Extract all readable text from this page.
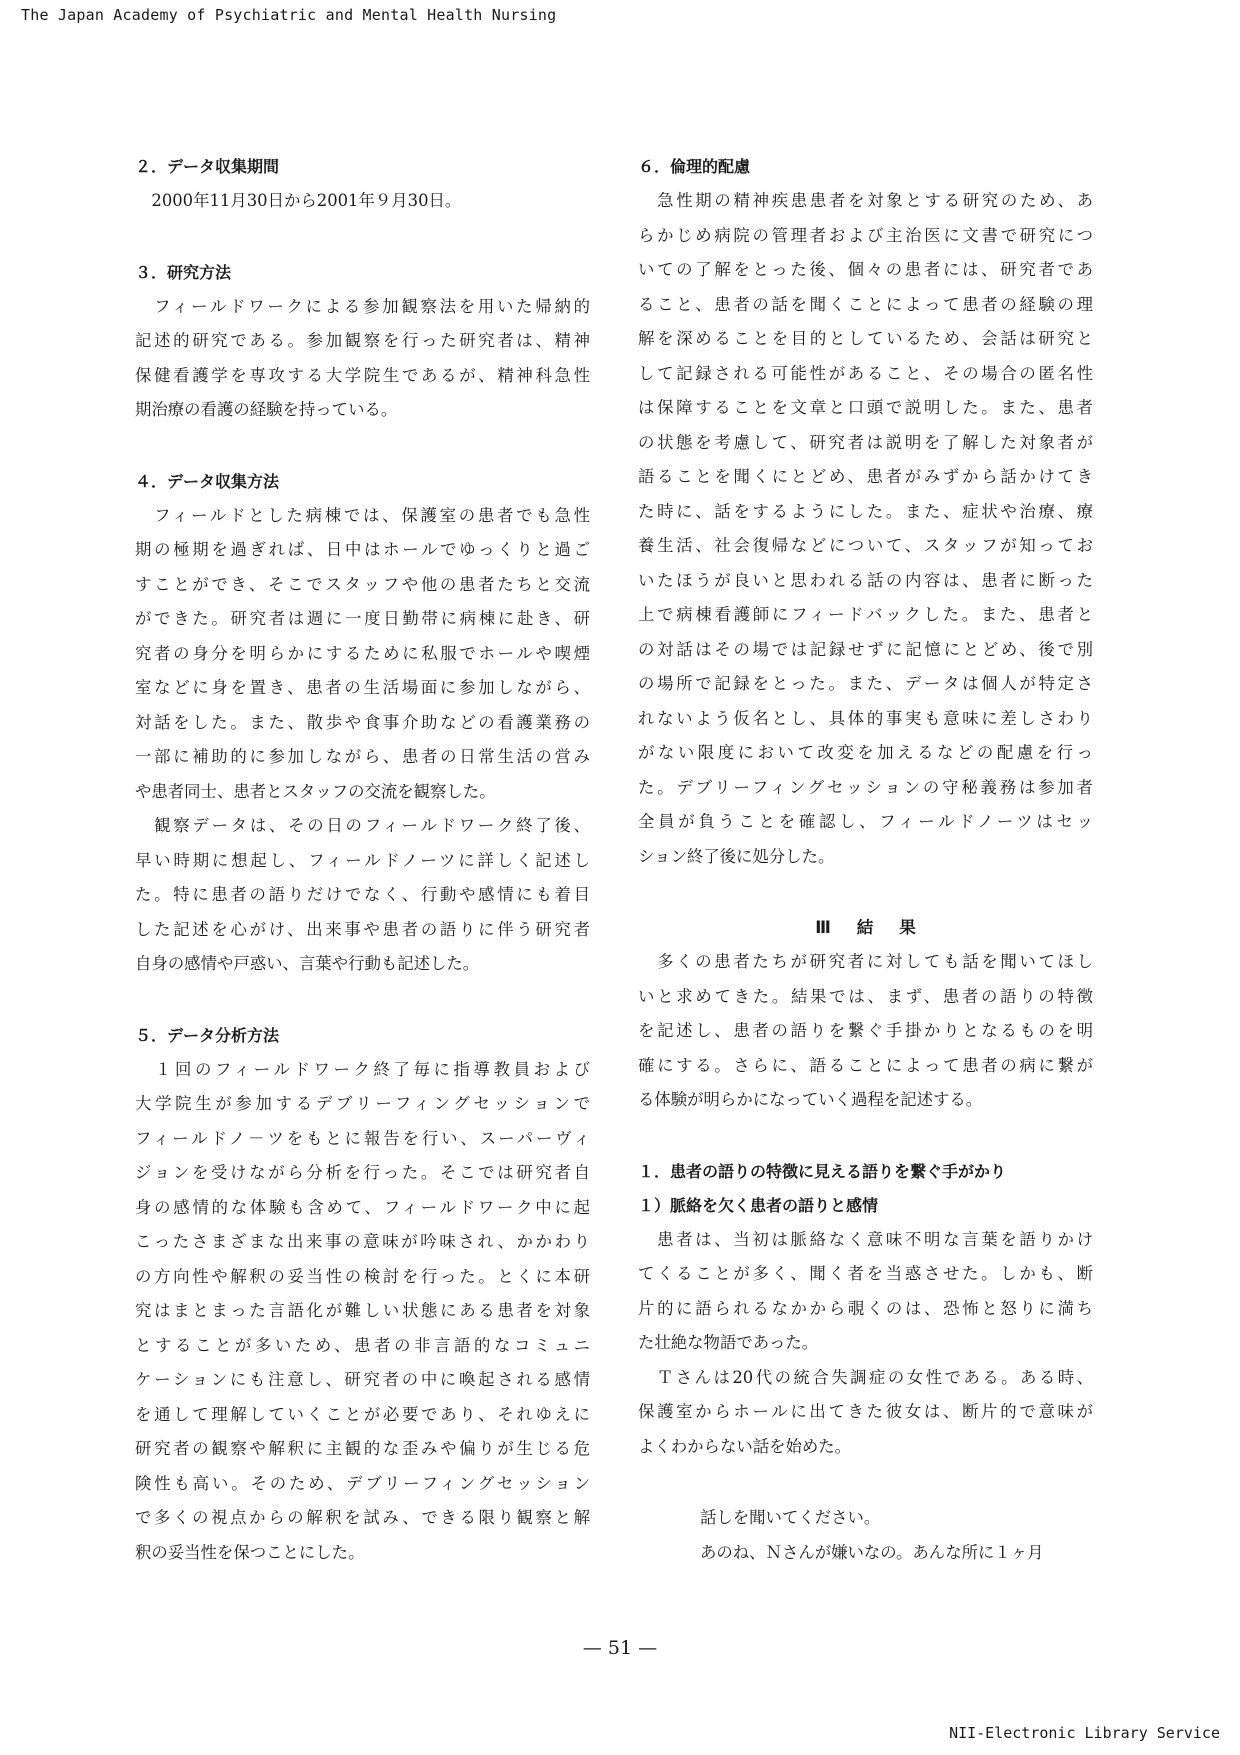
The Japan Academy of Psychiatric and Mental Health Nursing
２．データ収集期間
　2000年11月30日から2001年９月30日。
３．研究方法
　フィールドワークによる参加観察法を用いた帰納的
記述的研究である。参加観察を行った研究者は、精神
保健看護学を専攻する大学院生であるが、精神科急性
期治療の看護の経験を持っている。
４．データ収集方法
　フィールドとした病棟では、保護室の患者でも急性
期の極期を過ぎれば、日中はホールでゆっくりと過ご
すことができ、そこでスタッフや他の患者たちと交流
ができた。研究者は週に一度日勤帯に病棟に赴き、研
究者の身分を明らかにするために私服でホールや喫煙
室などに身を置き、患者の生活場面に参加しながら、
対話をした。また、散歩や食事介助などの看護業務の
一部に補助的に参加しながら、患者の日常生活の営み
や患者同士、患者とスタッフの交流を観察した。
　観察データは、その日のフィールドワーク終了後、
早い時期に想起し、フィールドノーツに詳しく記述し
た。特に患者の語りだけでなく、行動や感情にも着目
した記述を心がけ、出来事や患者の語りに伴う研究者
自身の感情や戸惑い、言葉や行動も記述した。
５．データ分析方法
　１回のフィールドワーク終了毎に指導教員および
大学院生が参加するデブリーフィングセッションで
フィールドノ－ツをもとに報告を行い、スーパーヴィ
ジョンを受けながら分析を行った。そこでは研究者自
身の感情的な体験も含めて、フィールドワーク中に起
こったさまざまな出来事の意味が吟味され、かかわり
の方向性や解釈の妥当性の検討を行った。とくに本研
究はまとまった言語化が難しい状態にある患者を対象
とすることが多いため、患者の非言語的なコミュニ
ケーションにも注意し、研究者の中に喚起される感情
を通して理解していくことが必要であり、それゆえに
研究者の観察や解釈に主観的な歪みや偏りが生じる危
険性も高い。そのため、デブリーフィングセッション
で多くの視点からの解釈を試み、できる限り観察と解
釈の妥当性を保つことにした。
６．倫理的配慮
　急性期の精神疾患患者を対象とする研究のため、あ
らかじめ病院の管理者および主治医に文書で研究につ
いての了解をとった後、個々の患者には、研究者であ
ること、患者の話を聞くことによって患者の経験の理
解を深めることを目的としているため、会話は研究と
して記録される可能性があること、その場合の匿名性
は保障することを文章と口頭で説明した。また、患者
の状態を考慮して、研究者は説明を了解した対象者が
語ることを聞くにとどめ、患者がみずから話かけてき
た時に、話をするようにした。また、症状や治療、療
養生活、社会復帰などについて、スタッフが知ってお
いたほうが良いと思われる話の内容は、患者に断った
上で病棟看護師にフィードバックした。また、患者と
の対話はその場では記録せずに記憶にとどめ、後で別
の場所で記録をとった。また、データは個人が特定さ
れないよう仮名とし、具体的事実も意味に差しさわり
がない限度において改変を加えるなどの配慮を行っ
た。デブリーフィングセッションの守秘義務は参加者
全員が負うことを確認し、フィールドノーツはセッ
ション終了後に処分した。
Ⅲ結果
　多くの患者たちが研究者に対しても話を聞いてほし
いと求めてきた。結果では、まず、患者の語りの特徴
を記述し、患者の語りを繋ぐ手掛かりとなるものを明
確にする。さらに、語ることによって患者の病に繋が
る体験が明らかになっていく過程を記述する。
１．患者の語りの特徴に見える語りを繋ぐ手がかり
１）脈絡を欠く患者の語りと感情
　患者は、当初は脈絡なく意味不明な言葉を語りかけ
てくることが多く、聞く者を当惑させた。しかも、断
片的に語られるなかから覗くのは、恐怖と怒りに満ち
た壮絶な物語であった。
　Ｔさんは20代の統合失調症の女性である。ある時、
保護室からホールに出てきた彼女は、断片的で意味が
よくわからない話を始めた。
話しを聞いてください。
あのね、Ｎさんが嫌いなの。あんな所に１ヶ月
— 51 —
NII-Electronic Library Service
